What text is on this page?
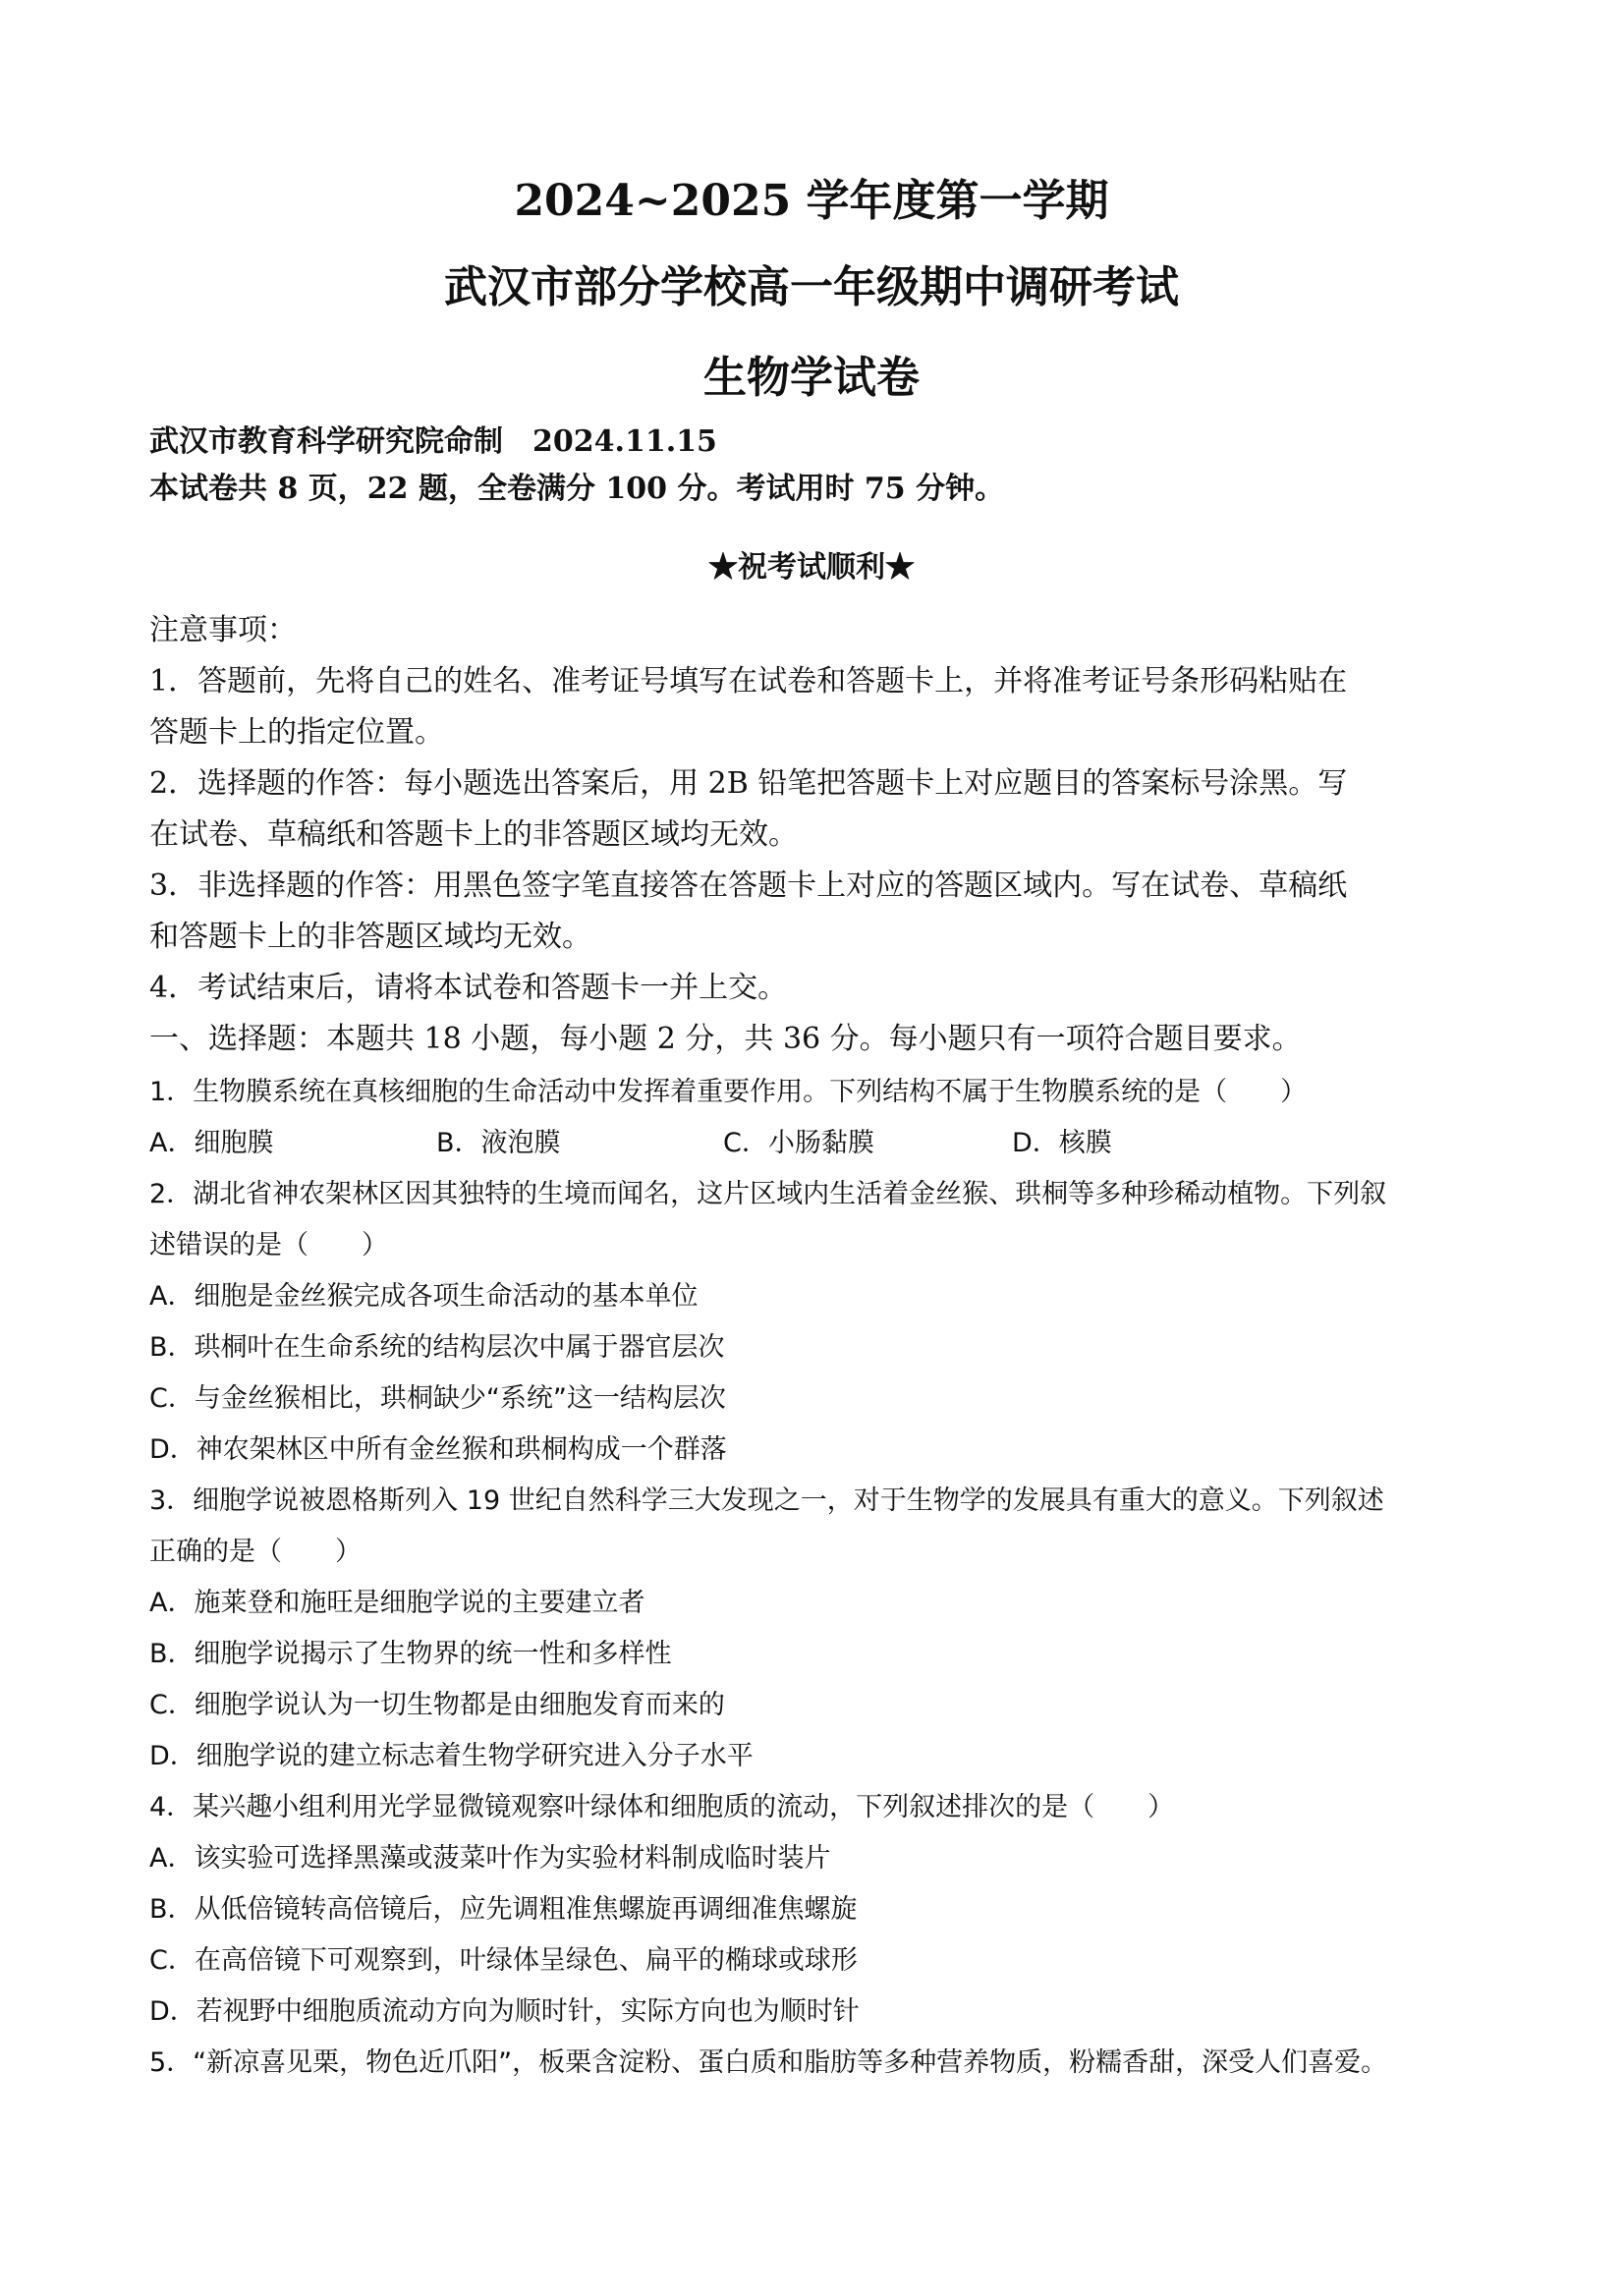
2024~2025 学年度第一学期
武汉市部分学校高一年级期中调研考试
生物学试卷
武汉市教育科学研究院命制　2024.11.15
本试卷共 8 页，22 题，全卷满分 100 分。考试用时 75 分钟。
★祝考试顺利★
注意事项：
1．答题前，先将自己的姓名、准考证号填写在试卷和答题卡上，并将准考证号条形码粘贴在
答题卡上的指定位置。
2．选择题的作答：每小题选出答案后，用 2B 铅笔把答题卡上对应题目的答案标号涂黑。写
在试卷、草稿纸和答题卡上的非答题区域均无效。
3．非选择题的作答：用黑色签字笔直接答在答题卡上对应的答题区域内。写在试卷、草稿纸
和答题卡上的非答题区域均无效。
4．考试结束后，请将本试卷和答题卡一并上交。
一、选择题：本题共 18 小题，每小题 2 分，共 36 分。每小题只有一项符合题目要求。
1．生物膜系统在真核细胞的生命活动中发挥着重要作用。下列结构不属于生物膜系统的是（　　）
A．细胞膜	B．液泡膜	C．小肠黏膜	D．核膜
2．湖北省神农架林区因其独特的生境而闻名，这片区域内生活着金丝猴、珙桐等多种珍稀动植物。下列叙
述错误的是（　　）
A．细胞是金丝猴完成各项生命活动的基本单位
B．珙桐叶在生命系统的结构层次中属于器官层次
C．与金丝猴相比，珙桐缺少“系统”这一结构层次
D．神农架林区中所有金丝猴和珙桐构成一个群落
3．细胞学说被恩格斯列入 19 世纪自然科学三大发现之一，对于生物学的发展具有重大的意义。下列叙述
正确的是（　　）
A．施莱登和施旺是细胞学说的主要建立者
B．细胞学说揭示了生物界的统一性和多样性
C．细胞学说认为一切生物都是由细胞发育而来的
D．细胞学说的建立标志着生物学研究进入分子水平
4．某兴趣小组利用光学显微镜观察叶绿体和细胞质的流动，下列叙述排次的是（　　）
A．该实验可选择黑藻或菠菜叶作为实验材料制成临时装片
B．从低倍镜转高倍镜后，应先调粗准焦螺旋再调细准焦螺旋
C．在高倍镜下可观察到，叶绿体呈绿色、扁平的椭球或球形
D．若视野中细胞质流动方向为顺时针，实际方向也为顺时针
5．“新凉喜见栗，物色近爪阳”，板栗含淀粉、蛋白质和脂肪等多种营养物质，粉糯香甜，深受人们喜爱。
